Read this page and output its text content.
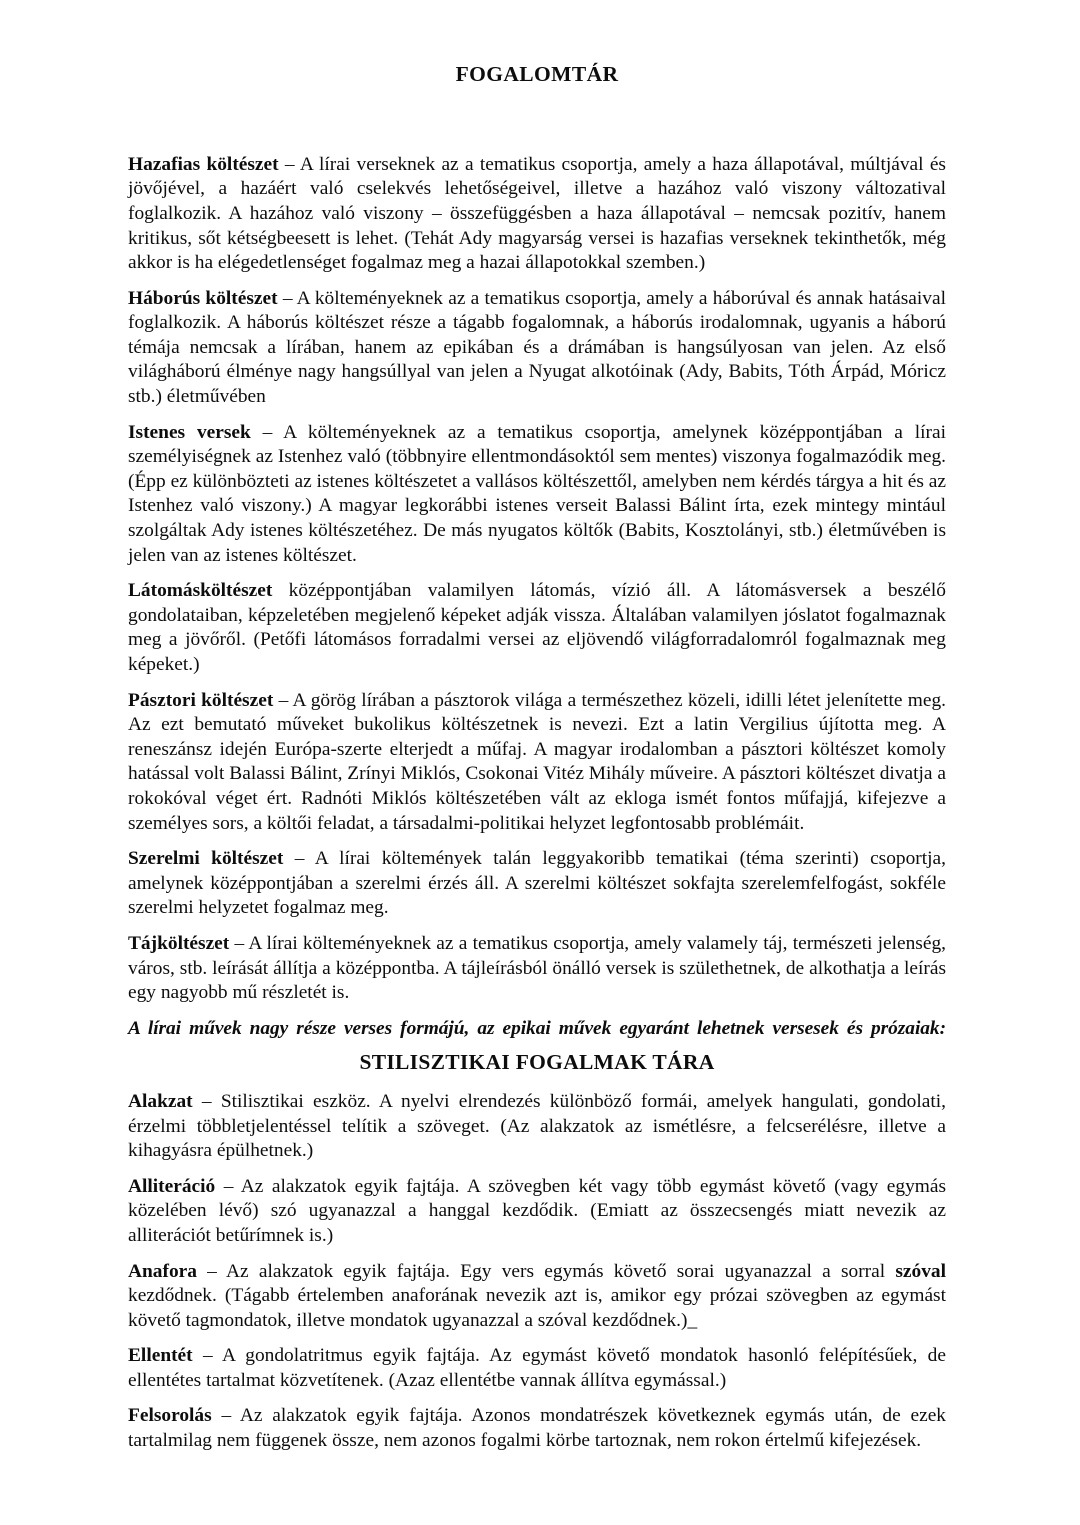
FOGALOMTÁR

Hazafias költészet – A lírai verseknek az a tematikus csoportja, amely a haza állapotával, múltjával és jövőjével, a hazáért való cselekvés lehetőségeivel, illetve a hazához való viszony változatival foglalkozik. A hazához való viszony – összefüggésben a haza állapotával – nemcsak pozitív, hanem kritikus, sőt kétségbeesett is lehet. (Tehát Ady magyarság versei is hazafias verseknek tekinthetők, még akkor is ha elégedetlenséget fogalmaz meg a hazai állapotokkal szemben.)

Háborús költészet – A költeményeknek az a tematikus csoportja, amely a háborúval és annak hatásaival foglalkozik. A háborús költészet része a tágabb fogalomnak, a háborús irodalomnak, ugyanis a háború témája nemcsak a lírában, hanem az epikában és a drámában is hangsúlyosan van jelen. Az első világháború élménye nagy hangsúllyal van jelen a Nyugat alkotóinak (Ady, Babits, Tóth Árpád, Móricz stb.) életművében

Istenes versek – A költeményeknek az a tematikus csoportja, amelynek középpontjában a lírai személyiségnek az Istenhez való (többnyire ellentmondásoktól sem mentes) viszonya fogalmazódik meg. (Épp ez különbözteti az istenes költészetet a vallásos költészettől, amelyben nem kérdés tárgya a hit és az Istenhez való viszony.) A magyar legkorábbi istenes verseit Balassi Bálint írta, ezek mintegy mintául szolgáltak Ady istenes költészetéhez. De más nyugatos költők (Babits, Kosztolányi, stb.) életművében is jelen van az istenes költészet.

Látomásköltészet középpontjában valamilyen látomás, vízió áll. A látomásversek a beszélő gondolataiban, képzeletében megjelenő képeket adják vissza. Általában valamilyen jóslatot fogalmaznak meg a jövőről. (Petőfi látomásos forradalmi versei az eljövendő világforradalomról fogalmaznak meg képeket.)

Pásztori költészet – A görög lírában a pásztorok világa a természethez közeli, idilli létet jelenítette meg. Az ezt bemutató műveket bukolikus költészetnek is nevezi. Ezt a latin Vergilius újította meg. A reneszánsz idején Európa-szerte elterjedt a műfaj. A magyar irodalomban a pásztori költészet komoly hatással volt Balassi Bálint, Zrínyi Miklós, Csokonai Vitéz Mihály műveire. A pásztori költészet divatja a rokokóval véget ért. Radnóti Miklós költészetében vált az ekloga ismét fontos műfajjá, kifejezve a személyes sors, a költői feladat, a társadalmi-politikai helyzet legfontosabb problémáit.

Szerelmi költészet – A lírai költemények talán leggyakoribb tematikai (téma szerinti) csoportja, amelynek középpontjában a szerelmi érzés áll. A szerelmi költészet sokfajta szerelemfelfogást, sokféle szerelmi helyzetet fogalmaz meg.

Tájköltészet – A lírai költeményeknek az a tematikus csoportja, amely valamely táj, természeti jelenség, város, stb. leírását állítja a középpontba. A tájleírásból önálló versek is születhetnek, de alkothatja a leírás egy nagyobb mű részletét is.

A lírai művek nagy része verses formájú, az epikai művek egyaránt lehetnek versesek és prózaiak:

STILISZTIKAI FOGALMAK TÁRA

Alakzat – Stilisztikai eszköz. A nyelvi elrendezés különböző formái, amelyek hangulati, gondolati, érzelmi többletjelentéssel telítik a szöveget. (Az alakzatok az ismétlésre, a felcserélésre, illetve a kihagyásra épülhetnek.)

Alliteráció – Az alakzatok egyik fajtája. A szövegben két vagy több egymást követő (vagy egymás közelében lévő) szó ugyanazzal a hanggal kezdődik. (Emiatt az összecsengés miatt nevezik az alliterációt betűrímnek is.)

Anafora – Az alakzatok egyik fajtája. Egy vers egymás követő sorai ugyanazzal a sorral szóval kezdődnek. (Tágabb értelemben anaforának nevezik azt is, amikor egy prózai szövegben az egymást követő tagmondatok, illetve mondatok ugyanazzal a szóval kezdődnek.)_

Ellentét – A gondolatritmus egyik fajtája. Az egymást követő mondatok hasonló felépítésűek, de ellentétes tartalmat közvetítenek. (Azaz ellentétbe vannak állítva egymással.)

Felsorolás – Az alakzatok egyik fajtája. Azonos mondatrészek következnek egymás után, de ezek tartalmilag nem függenek össze, nem azonos fogalmi körbe tartoznak, nem rokon értelmű kifejezések.
